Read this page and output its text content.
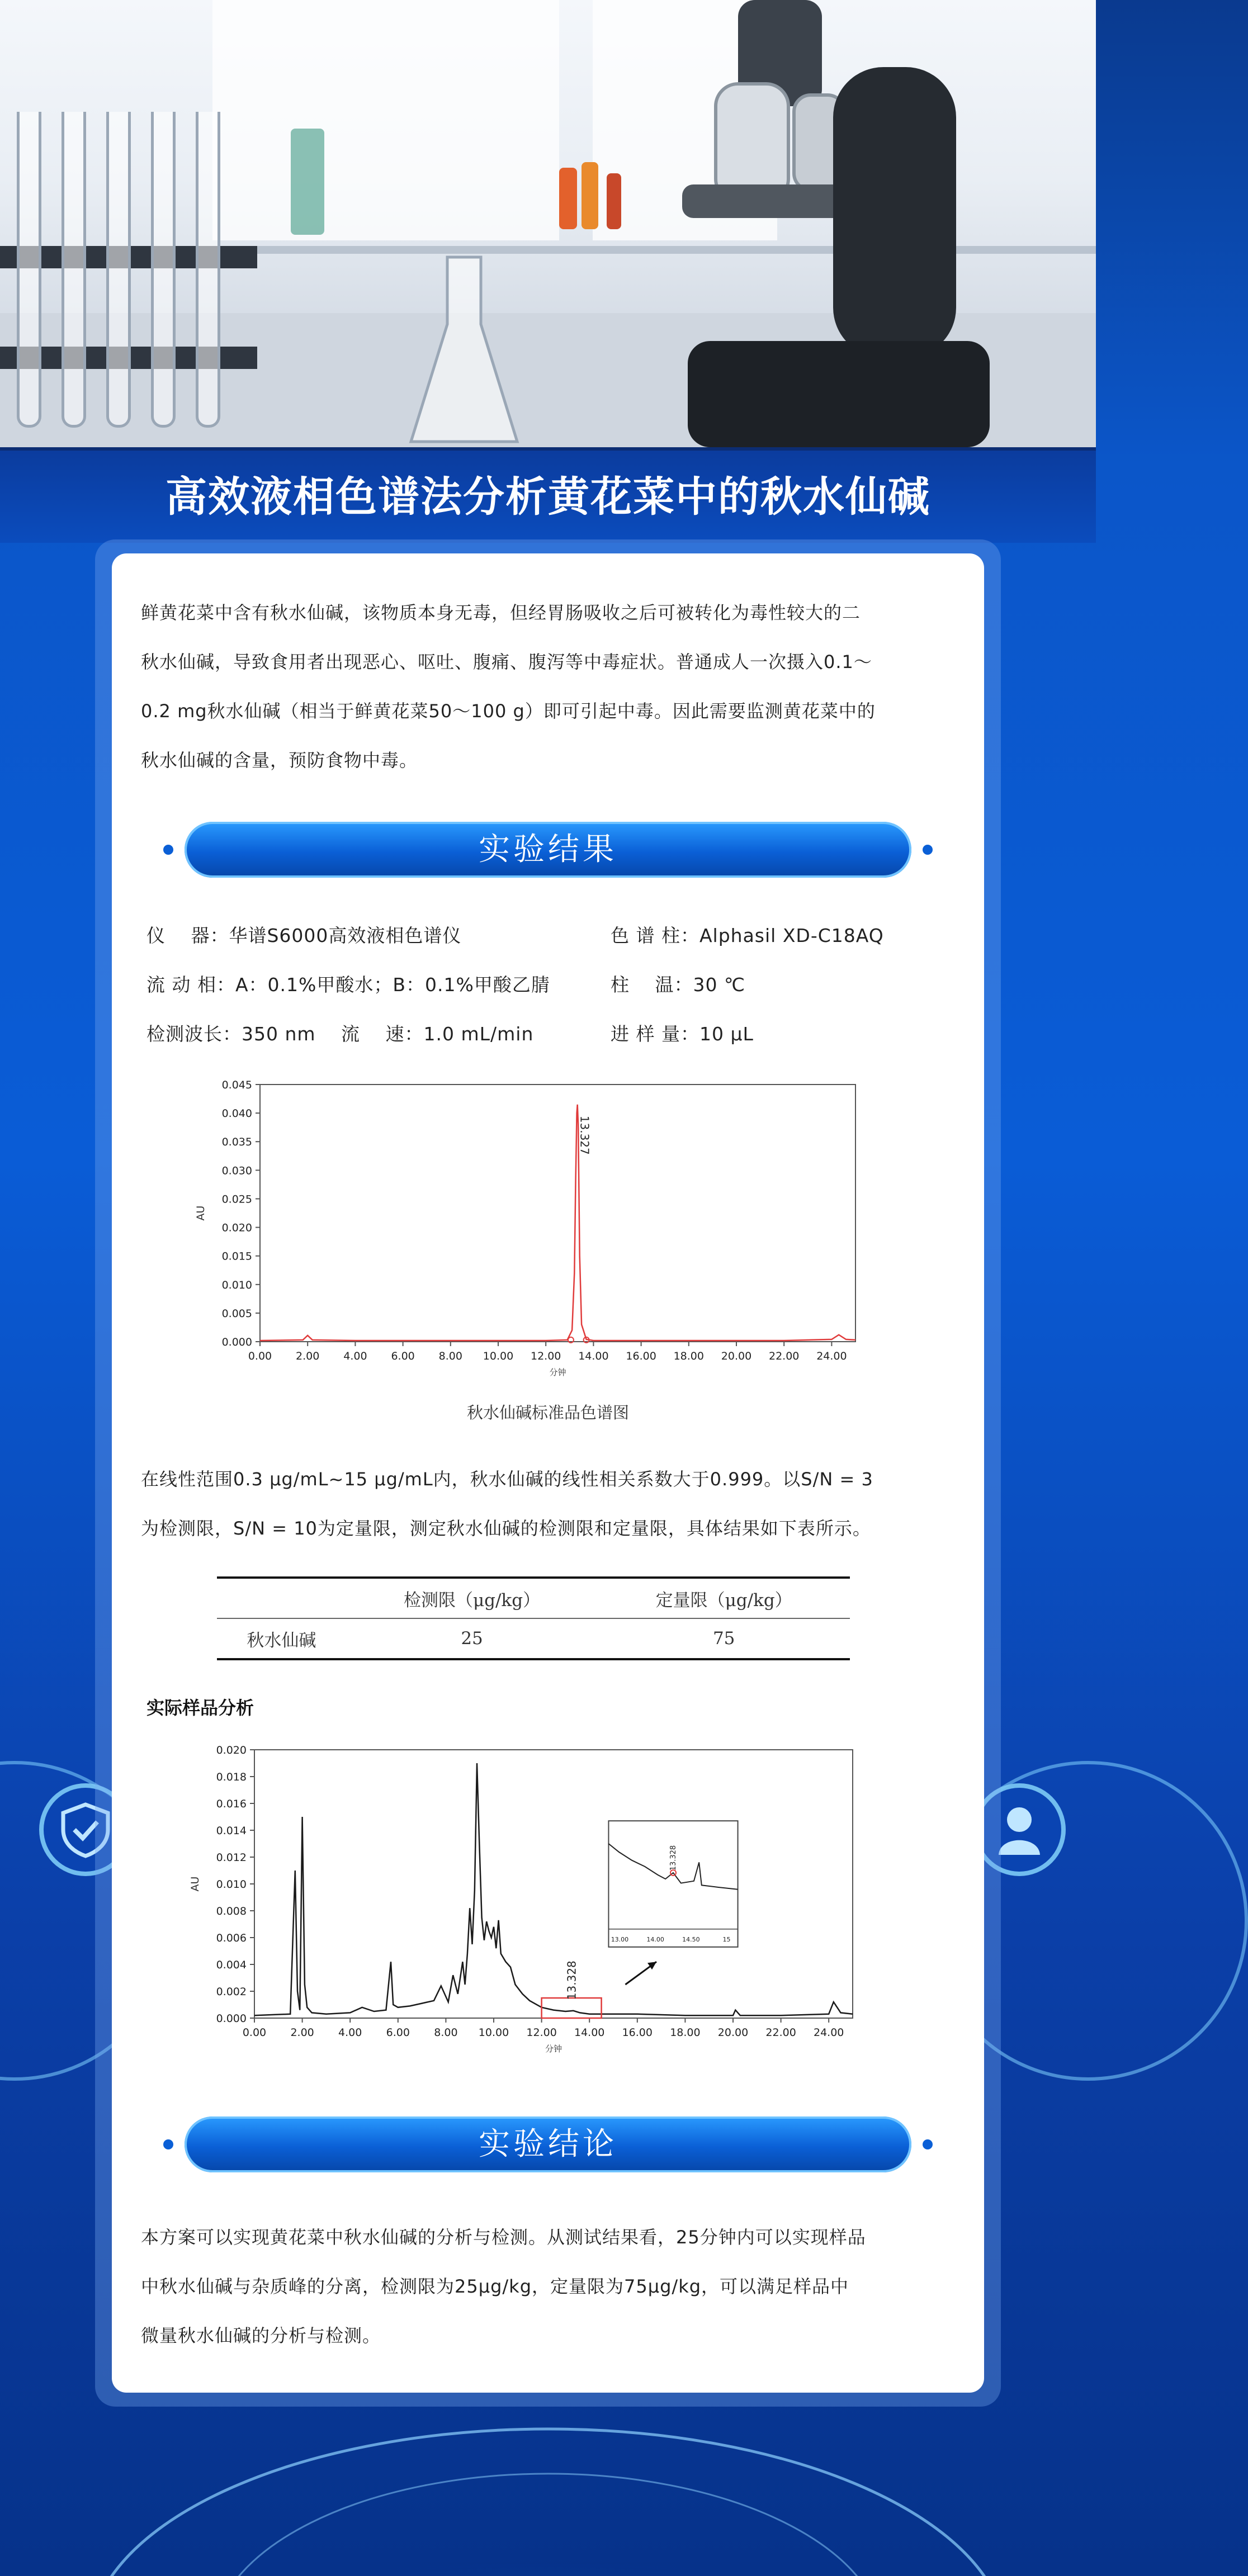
高效液相色谱法分析黄花菜中的秋水仙碱
鲜黄花菜中含有秋水仙碱，该物质本身无毒，但经胃肠吸收之后可被转化为毒性较大的二
秋水仙碱，导致食用者出现恶心、呕吐、腹痛、腹泻等中毒症状。普通成人一次摄入0.1～
0.2 mg秋水仙碱（相当于鲜黄花菜50～100 g）即可引起中毒。因此需要监测黄花菜中的
秋水仙碱的含量，预防食物中毒。
实验结果
仪　 器：华谱S6000高效液相色谱仪	色 谱 柱：Alphasil XD-C18AQ
流 动 相：A：0.1%甲酸水；B：0.1%甲酸乙腈	柱　 温：30 ℃
检测波长：350 nm　 流　 速：1.0 mL/min	进 样 量：10 μL
0.000
0.005
0.010
0.015
0.020
0.025
0.030
0.035
0.040
0.045
0.00 2.00 4.00 6.00 8.00 10.00 12.00 14.00 16.00 18.00 20.00 22.00 24.00
分钟
AU
13.327
秋水仙碱标准品色谱图
在线性范围0.3 μg/mL~15 μg/mL内，秋水仙碱的线性相关系数大于0.999。以S/N = 3
为检测限，S/N = 10为定量限，测定秋水仙碱的检测限和定量限，具体结果如下表所示。
	检测限（μg/kg）	定量限（μg/kg）
秋水仙碱	25	75
实际样品分析
0.000
0.002
0.004
0.006
0.008
0.010
0.012
0.014
0.016
0.018
0.020
0.00 2.00 4.00 6.00 8.00 10.00 12.00 14.00 16.00 18.00 20.00 22.00 24.00
分钟
AU
13.328
13.328
13.00	14.00	14.50	15
实验结论
本方案可以实现黄花菜中秋水仙碱的分析与检测。从测试结果看，25分钟内可以实现样品
中秋水仙碱与杂质峰的分离，检测限为25μg/kg，定量限为75μg/kg，可以满足样品中
微量秋水仙碱的分析与检测。
